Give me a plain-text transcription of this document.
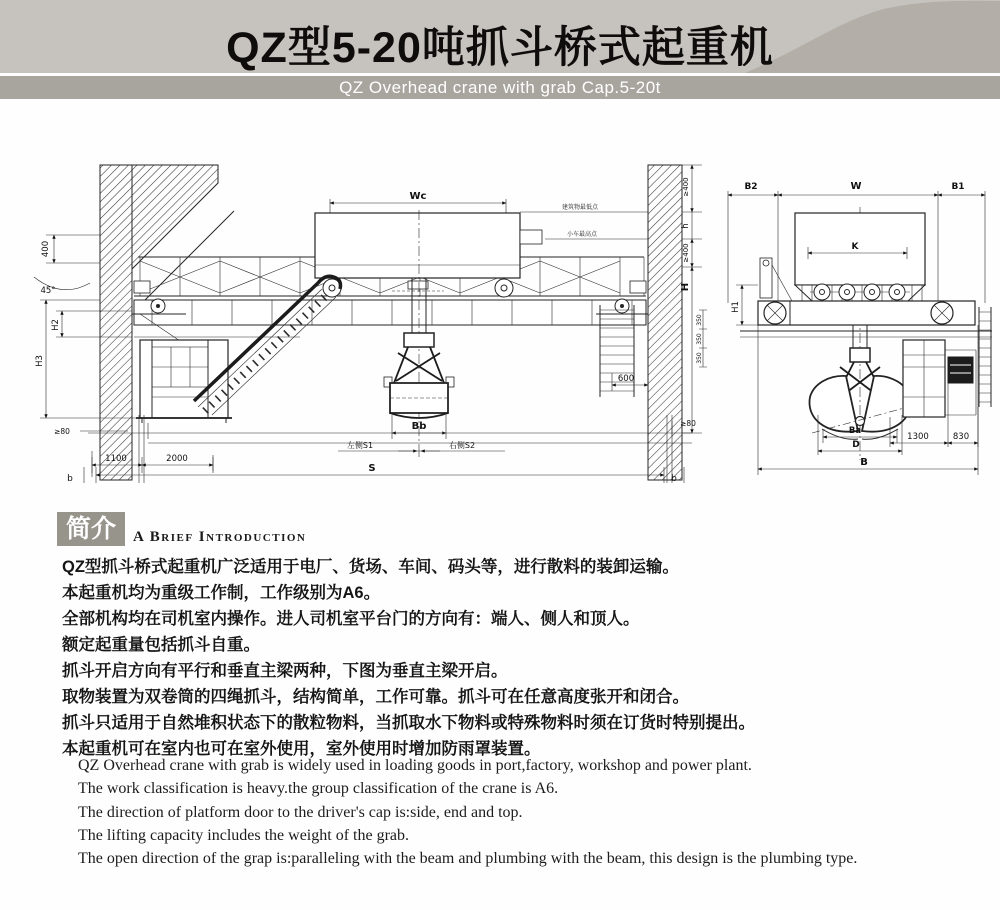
QZ型5-20吨抓斗桥式起重机
QZ Overhead crane with grab Cap.5-20t
400
45°
Wc
Bb
左侧S1	右侧S2
600
建筑物最低点
小车最高点
≥400
h
≥400
H
350
350
350
≥80
1100	2000
≥80
S
b	b
H2
H3
B2	W	B1
K
H1
Ba
D
B
1300	830
简介 A Brief Introduction
QZ型抓斗桥式起重机广泛适用于电厂、货场、车间、码头等，进行散料的装卸运输。
本起重机均为重级工作制，工作级别为A6。
全部机构均在司机室内操作。进人司机室平台门的方向有：端人、侧人和顶人。
额定起重量包括抓斗自重。
抓斗开启方向有平行和垂直主梁两种，下图为垂直主梁开启。
取物装置为双卷筒的四绳抓斗，结构简单，工作可靠。抓斗可在任意高度张开和闭合。
抓斗只适用于自然堆积状态下的散粒物料，当抓取水下物料或特殊物料时须在订货时特别提出。
本起重机可在室内也可在室外使用，室外使用时增加防雨罩装置。

QZ Overhead crane with grab is widely used in loading goods in port,factory, workshop and power plant.

The work classification is heavy.the group classification of the crane is A6.

The direction of platform door to the driver's cap is:side, end and top.

The lifting capacity includes the weight of the grab.

The open direction of the grap is:paralleling with the beam and plumbing with the beam, this design is the plumbing type.
